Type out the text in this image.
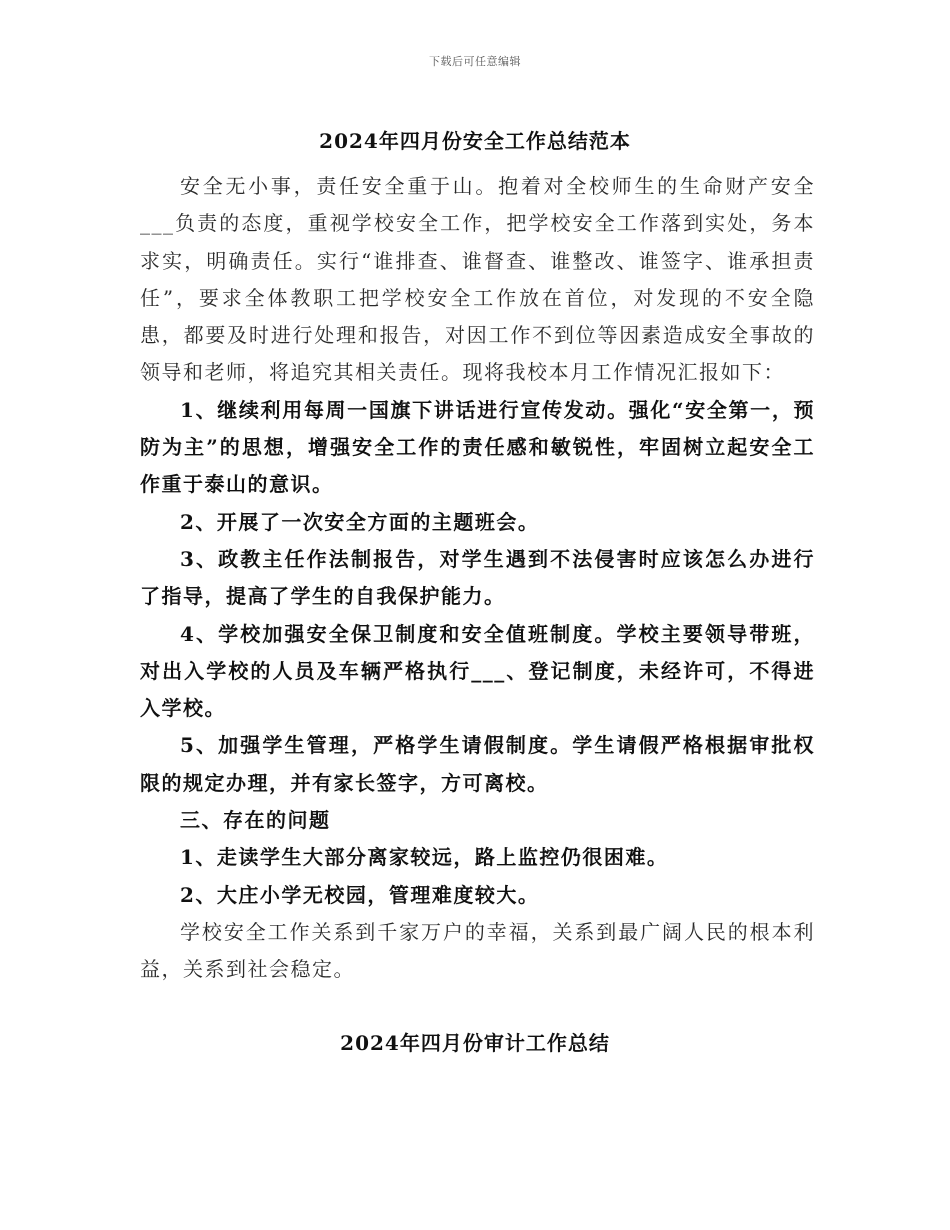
下载后可任意编辑
2024年四月份安全工作总结范本

安全无小事，责任安全重于山。抱着对全校师生的生命财产安全___负责的态度，重视学校安全工作，把学校安全工作落到实处，务本求实，明确责任。实行“谁排查、谁督查、谁整改、谁签字、谁承担责任”，要求全体教职工把学校安全工作放在首位，对发现的不安全隐患，都要及时进行处理和报告，对因工作不到位等因素造成安全事故的领导和老师，将追究其相关责任。现将我校本月工作情况汇报如下：

1、继续利用每周一国旗下讲话进行宣传发动。强化“安全第一，预防为主”的思想，增强安全工作的责任感和敏锐性，牢固树立起安全工作重于泰山的意识。

2、开展了一次安全方面的主题班会。

3、政教主任作法制报告，对学生遇到不法侵害时应该怎么办进行了指导，提高了学生的自我保护能力。

4、学校加强安全保卫制度和安全值班制度。学校主要领导带班，对出入学校的人员及车辆严格执行___、登记制度，未经许可，不得进入学校。

5、加强学生管理，严格学生请假制度。学生请假严格根据审批权限的规定办理，并有家长签字，方可离校。

三、存在的问题

1、走读学生大部分离家较远，路上监控仍很困难。

2、大庄小学无校园，管理难度较大。

学校安全工作关系到千家万户的幸福，关系到最广阔人民的根本利益，关系到社会稳定。

2024年四月份审计工作总结
